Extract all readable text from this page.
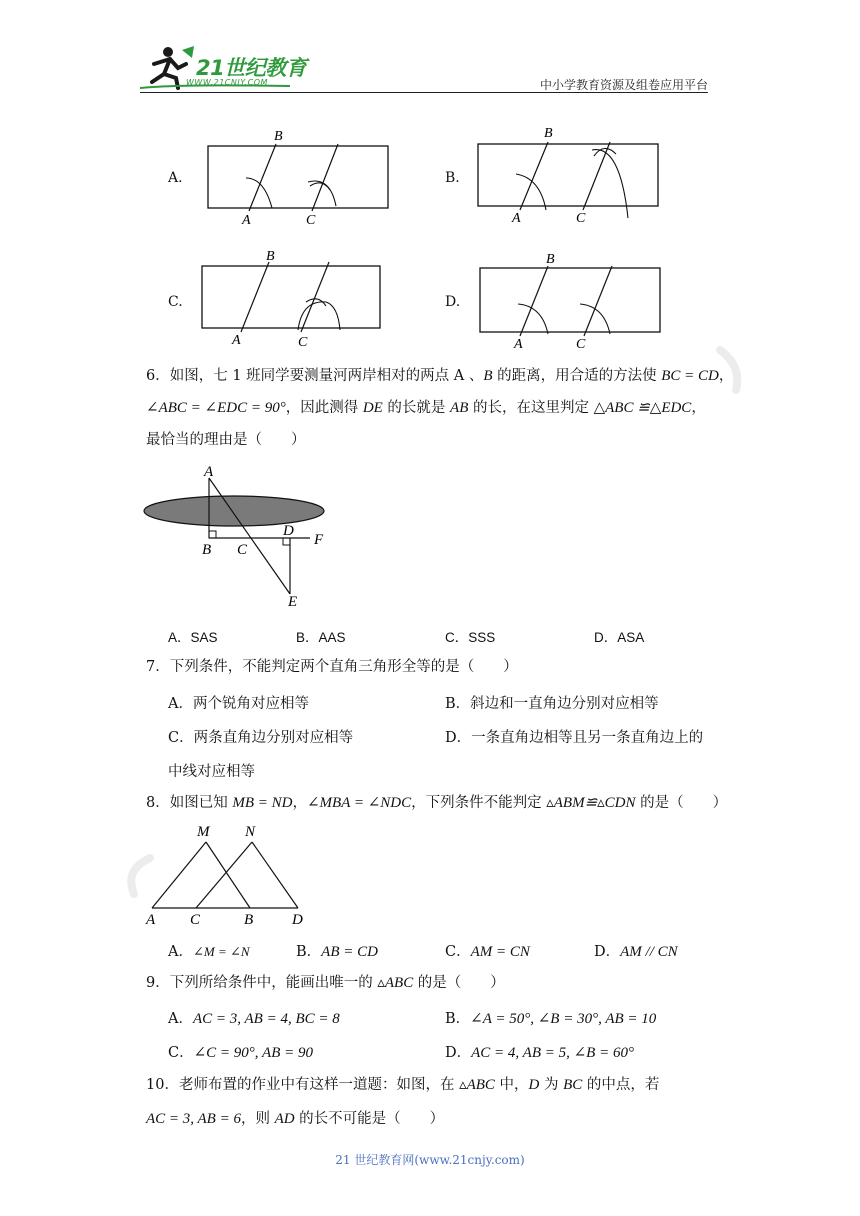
21世纪教育
WWW.21CNJY.COM	中小学教育资源及组卷应用平台
A.
B
A	C
B.
B
A	C
C.
B
A	C
D.
B
A	C
6．如图，七 1 班同学要测量河两岸相对的两点 A 、B 的距离，用合适的方法使 BC = CD，
∠ABC = ∠EDC = 90°，因此测得 DE 的长就是 AB 的长，在这里判定 △ABC ≌△EDC，
最恰当的理由是（　　）
A
B C
D
F
E
A．SAS	B．AAS	C．SSS	D．ASA
7．下列条件，不能判定两个直角三角形全等的是（　　）
A．两个锐角对应相等	B．斜边和一直角边分别对应相等
C．两条直角边分别对应相等	D．一条直角边相等且另一条直角边上的
中线对应相等
8．如图已知 MB = ND，∠MBA = ∠NDC，下列条件不能判定 ▵ABM≌▵CDN 的是（　　）
M N
A C	B	D
A．∠M = ∠N	B．AB = CD	C．AM = CN	D．AM // CN
9．下列所给条件中，能画出唯一的 ▵ABC 的是（　　）
A．AC = 3, AB = 4, BC = 8	B．∠A = 50°, ∠B = 30°, AB = 10
C．∠C = 90°, AB = 90	D．AC = 4, AB = 5, ∠B = 60°
10．老师布置的作业中有这样一道题：如图，在 ▵ABC 中，D 为 BC 的中点，若
AC = 3, AB = 6，则 AD 的长不可能是（　　）
21 世纪教育网(www.21cnjy.com)
